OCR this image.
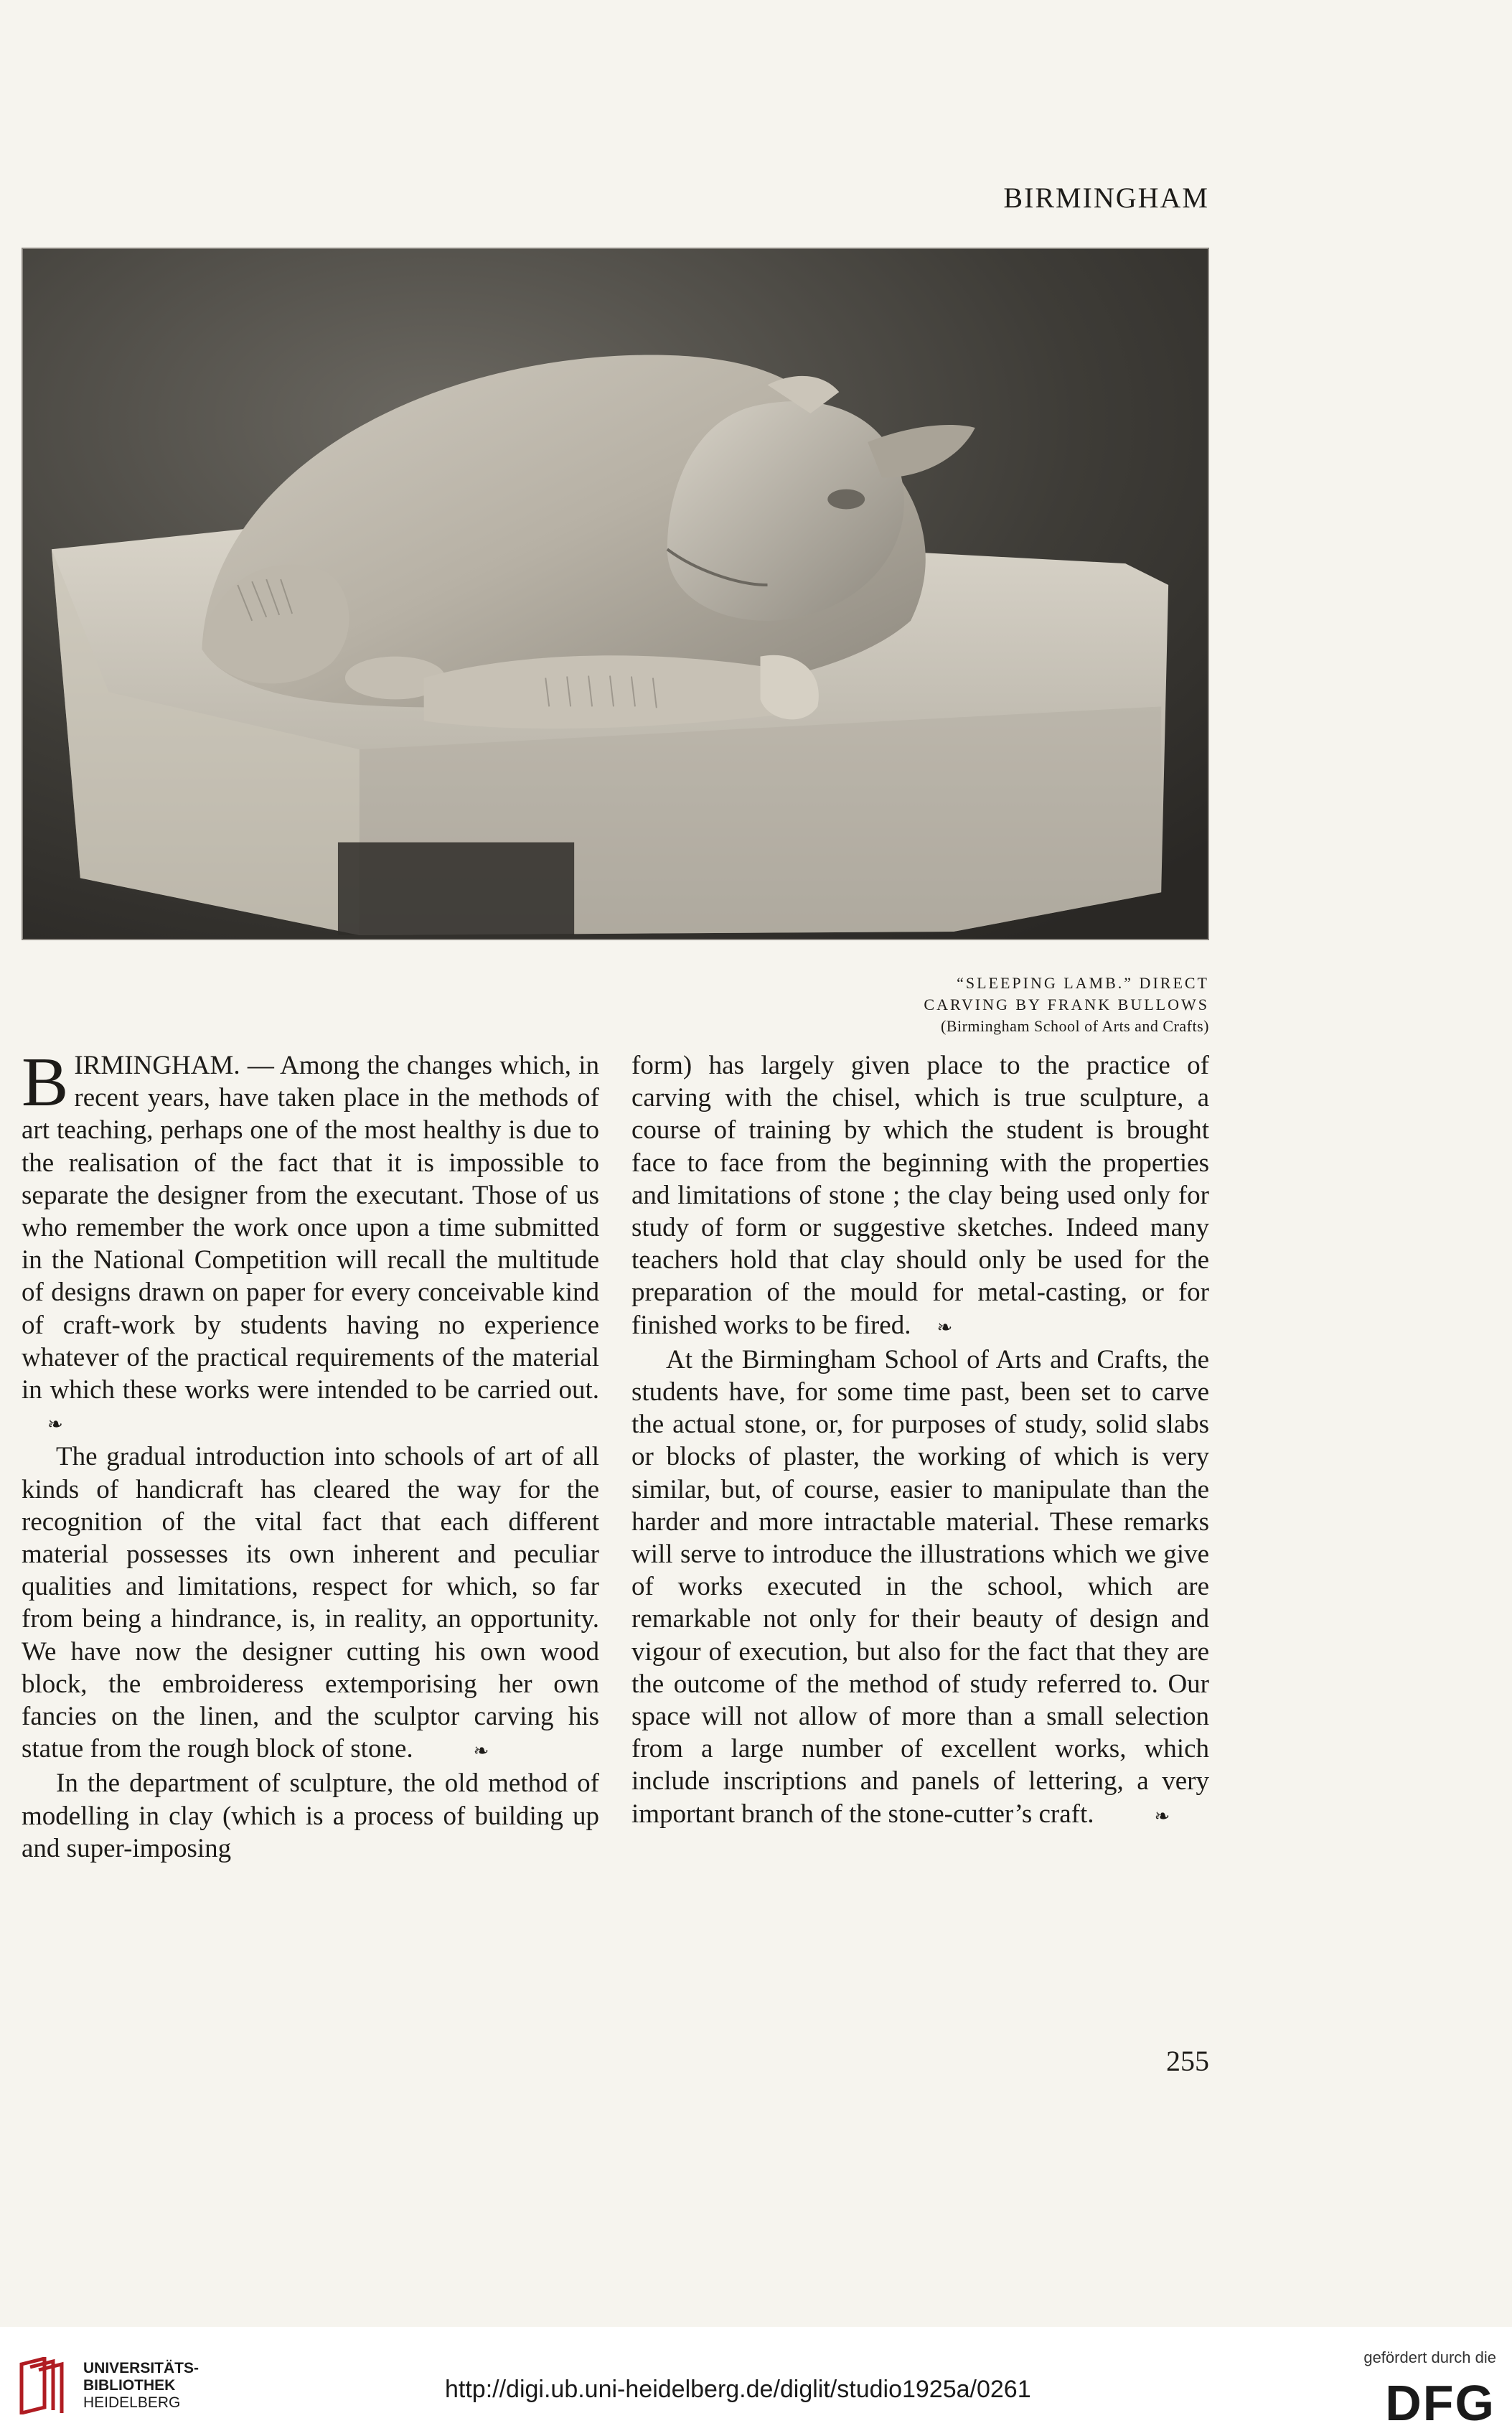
BIRMINGHAM
“SLEEPING LAMB.” DIRECT
CARVING BY FRANK BULLOWS
(Birmingham School of Arts and Crafts)

BIRMINGHAM. — Among the changes which, in recent years, have taken place in the methods of art teaching, perhaps one of the most healthy is due to the realisation of the fact that it is impossible to separate the designer from the executant. Those of us who remember the work once upon a time submitted in the National Competition will recall the multitude of designs drawn on paper for every conceivable kind of craft-work by students having no experience whatever of the practical requirements of the material in which these works were intended to be carried out.❧

The gradual introduction into schools of art of all kinds of handicraft has cleared the way for the recognition of the vital fact that each different material possesses its own inherent and peculiar qualities and limitations, respect for which, so far from being a hindrance, is, in reality, an opportunity. We have now the designer cutting his own wood block, the embroideress extemporising her own fancies on the linen, and the sculptor carving his statue from the rough block of stone.	❧

In the department of sculpture, the old method of modelling in clay (which is a process of building up and super-imposing

form) has largely given place to the practice of carving with the chisel, which is true sculpture, a course of training by which the student is brought face to face from the beginning with the properties and limitations of stone ; the clay being used only for study of form or suggestive sketches. Indeed many teachers hold that clay should only be used for the preparation of the mould for metal-casting, or for finished works to be fired. ❧

At the Birmingham School of Arts and Crafts, the students have, for some time past, been set to carve the actual stone, or, for purposes of study, solid slabs or blocks of plaster, the working of which is very similar, but, of course, easier to manipulate than the harder and more intractable material. These remarks will serve to introduce the illustrations which we give of works executed in the school, which are remarkable not only for their beauty of design and vigour of execution, but also for the fact that they are the outcome of the method of study referred to. Our space will not allow of more than a small selection from a large number of excellent works, which include inscriptions and panels of lettering, a very important branch of the stone-cutter’s craft.	❧

255
UNIVERSITÄTS-
BIBLIOTHEK
HEIDELBERG	http://digi.ub.uni-heidelberg.de/diglit/studio1925a/0261
gefördert durch die
DFG
